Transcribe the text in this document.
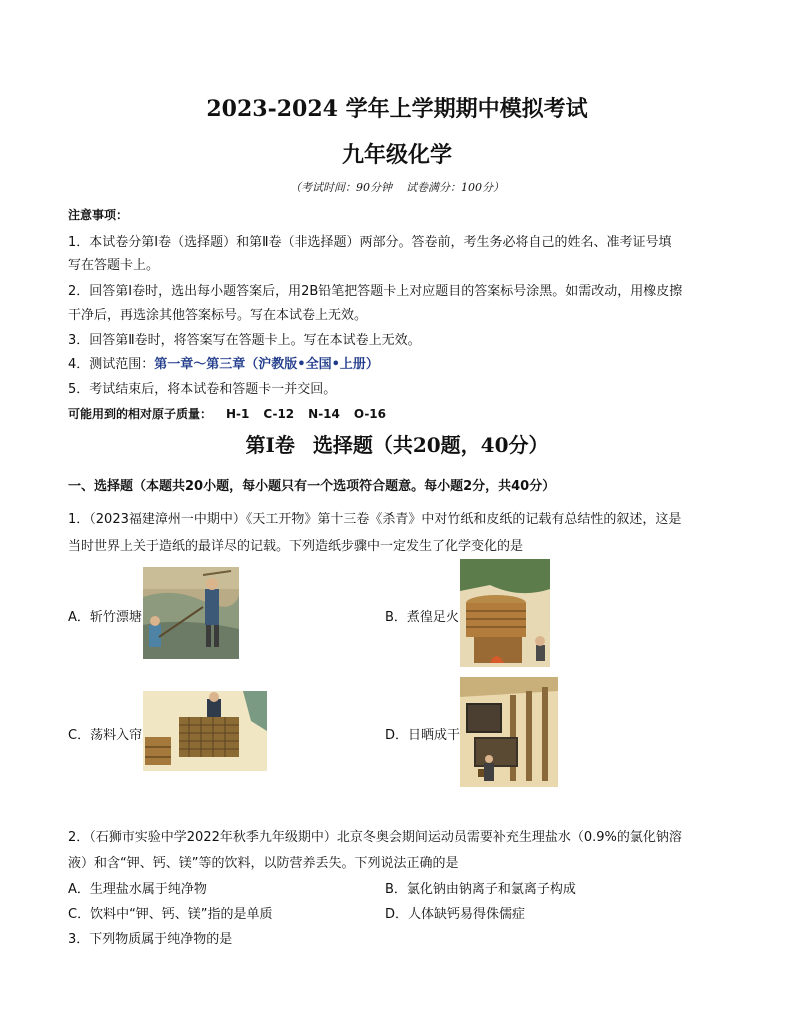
2023-2024 学年上学期期中模拟考试
九年级化学
（考试时间：90分钟 试卷满分：100分）
注意事项：
1．本试卷分第Ⅰ卷（选择题）和第Ⅱ卷（非选择题）两部分。答卷前，考生务必将自己的姓名、准考证号填
写在答题卡上。
2．回答第Ⅰ卷时，选出每小题答案后，用2B铅笔把答题卡上对应题目的答案标号涂黑。如需改动，用橡皮擦
干净后，再选涂其他答案标号。写在本试卷上无效。
3．回答第Ⅱ卷时，将答案写在答题卡上。写在本试卷上无效。
4．测试范围：第一章～第三章（沪教版•全国•上册）
5．考试结束后，将本试卷和答题卡一并交回。
可能用到的相对原子质量： H-1 C-12 N-14 O-16
第Ⅰ卷 选择题（共20题，40分）
一、选择题（本题共20小题，每小题只有一个选项符合题意。每小题2分，共40分）
1．（2023福建漳州一中期中）《天工开物》第十三卷《杀青》中对竹纸和皮纸的记载有总结性的叙述，这是
当时世界上关于造纸的最详尽的记载。下列造纸步骤中一定发生了化学变化的是
A．斩竹漂塘	B．煮徨足火
C．荡料入帘	D．日晒成干
2．（石狮市实验中学2022年秋季九年级期中）北京冬奥会期间运动员需要补充生理盐水（0.9%的氯化钠溶
液）和含“钾、钙、镁”等的饮料，以防营养丢失。下列说法正确的是
A．生理盐水属于纯净物	B．氯化钠由钠离子和氯离子构成
C．饮料中“钾、钙、镁”指的是单质	D．人体缺钙易得侏儒症
3．下列物质属于纯净物的是
